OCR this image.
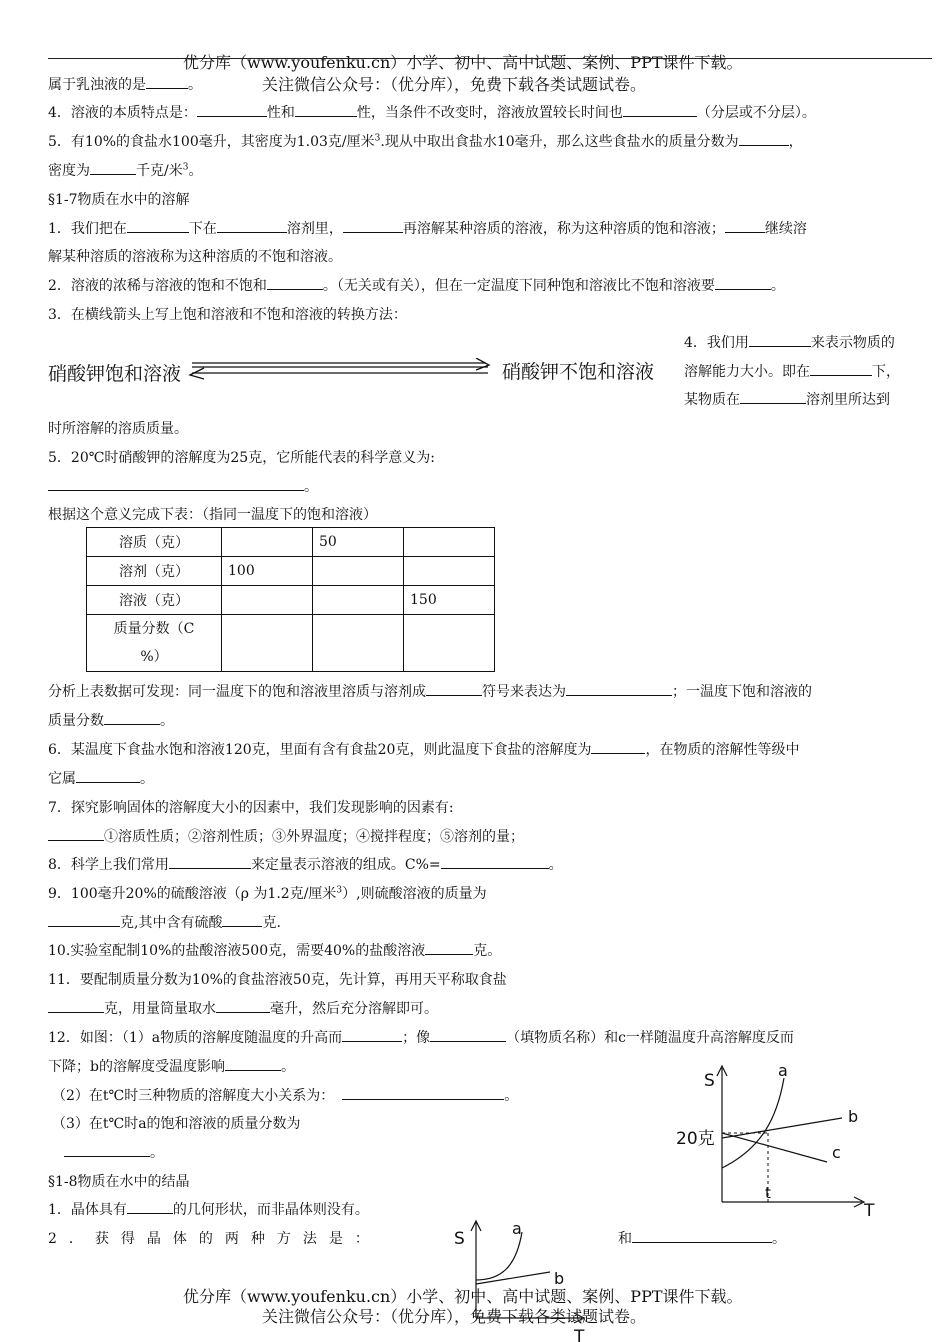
优分库（www.youfenku.cn）小学、初中、高中试题、案例、PPT课件下载。
属于乳浊液的是	。	关注微信公众号：（优分库），免费下载各类试题试卷。
4．溶液的本质特点是：	性和	性，当条件不改变时，溶液放置较长时间也	（分层或不分层）。
5．有10%的食盐水100毫升，其密度为1.03克/厘米$^3$.现从中取出食盐水10毫升，那么这些食盐水的质量分数为	，
密度为	千克/米$^3$。
§1-7物质在水中的溶解
1．我们把在	下在	溶剂里，	再溶解某种溶质的溶液，称为这种溶质的饱和溶液；	继续溶
解某种溶质的溶液称为这种溶质的不饱和溶液。
2．溶液的浓稀与溶液的饱和不饱和	。（无关或有关），但在一定温度下同种饱和溶液比不饱和溶液要	。
3．在横线箭头上写上饱和溶液和不饱和溶液的转换方法：
硝酸钾饱和溶液	硝酸钾不饱和溶液
4．我们用	来表示物质的
溶解能力大小。即在	下，
某物质在	溶剂里所达到
时所溶解的溶质质量。
5．20℃时硝酸钾的溶解度为25克，它所能代表的科学意义为:
。
根据这个意义完成下表：（指同一温度下的饱和溶液）
溶质（克）		50	
溶剂（克）	100		
溶液（克）			150
质量分数（C
%）			
分析上表数据可发现：同一温度下的饱和溶液里溶质与溶剂成	符号来表达为	；一温度下饱和溶液的
质量分数	。
6．某温度下食盐水饱和溶液120克，里面有含有食盐20克，则此温度下食盐的溶解度为	，在物质的溶解性等级中
它属	。
7．探究影响固体的溶解度大小的因素中，我们发现影响的因素有:
①溶质性质；②溶剂性质；③外界温度；④搅拌程度；⑤溶剂的量；
8．科学上我们常用	来定量表示溶液的组成。C%=	。
9．100毫升20%的硫酸溶液（ρ 为1.2克/厘米$^3$）,则硫酸溶液的质量为
克,其中含有硫酸	克.
10.实验室配制10%的盐酸溶液500克，需要40%的盐酸溶液	克。
11．要配制质量分数为10%的食盐溶液50克，先计算，再用天平称取食盐
克，用量筒量取水	毫升，然后充分溶解即可。
12．如图：（1）a物质的溶解度随温度的升高而	；像	（填物质名称）和c一样随温度升高溶解度反而
下降；b的溶解度受温度影响	。
（2）在t℃时三种物质的溶解度大小关系为：	。
（3）在t℃时a的饱和溶液的质量分数为
。
§1-8物质在水中的结晶
1．晶体具有	的几何形状，而非晶体则没有。
2．获得晶体的两种方法是：	和	。
S
T
a
b
c
20克
t
S
T
a
b
优分库（www.youfenku.cn）小学、初中、高中试题、案例、PPT课件下载。
关注微信公众号：（优分库），免费下载各类试题试卷。
